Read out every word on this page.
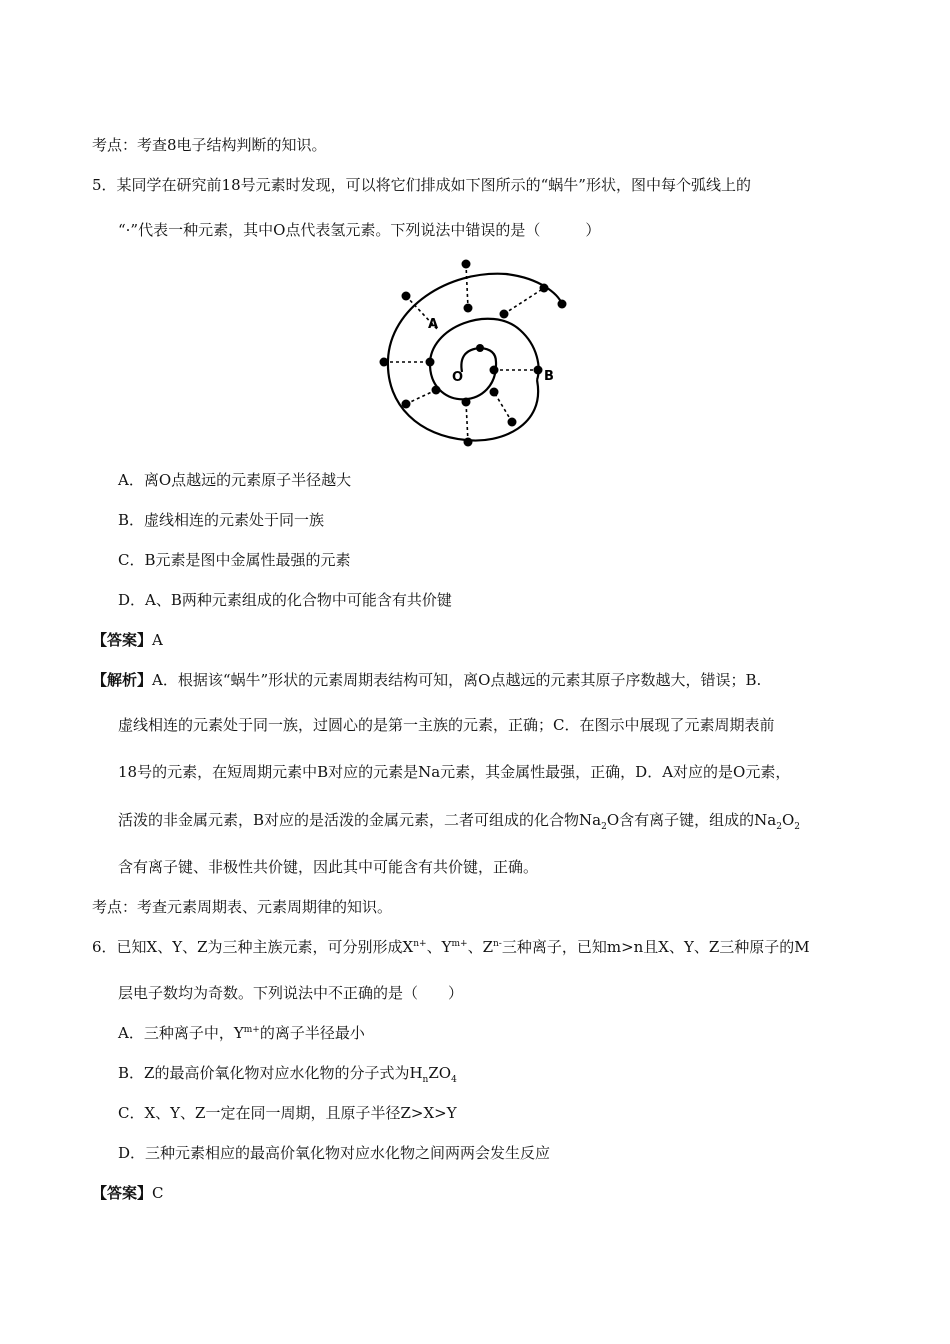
考点：考查8电子结构判断的知识。
5．某同学在研究前18号元素时发现，可以将它们排成如下图所示的“蜗牛”形状，图中每个弧线上的
“·”代表一种元素，其中O点代表氢元素。下列说法中错误的是（　　　）
A
O	B
A．离O点越远的元素原子半径越大
B．虚线相连的元素处于同一族
C．B元素是图中金属性最强的元素
D．A、B两种元素组成的化合物中可能含有共价键
【答案】A
【解析】A．根据该“蜗牛”形状的元素周期表结构可知，离O点越远的元素其原子序数越大，错误；B.
虚线相连的元素处于同一族，过圆心的是第一主族的元素，正确；C．在图示中展现了元素周期表前
18号的元素，在短周期元素中B对应的元素是Na元素，其金属性最强，正确，D．A对应的是O元素，
活泼的非金属元素，B对应的是活泼的金属元素，二者可组成的化合物$Na_2O$含有离子键，组成的$Na_2O_2$
含有离子键、非极性共价键，因此其中可能含有共价键，正确。
考点：考查元素周期表、元素周期律的知识。
6．已知X、Y、Z为三种主族元素，可分别形成$X^{n+}$、$Y^{m+}$、$Z^{n-}$三种离子，已知m>n且X、Y、Z三种原子的M
层电子数均为奇数。下列说法中不正确的是（　　）
A．三种离子中，$Y^{m+}$的离子半径最小
B．Z的最高价氧化物对应水化物的分子式为$H_nZO_4$
C．X、Y、Z一定在同一周期，且原子半径Z>X>Y
D．三种元素相应的最高价氧化物对应水化物之间两两会发生反应
【答案】C
